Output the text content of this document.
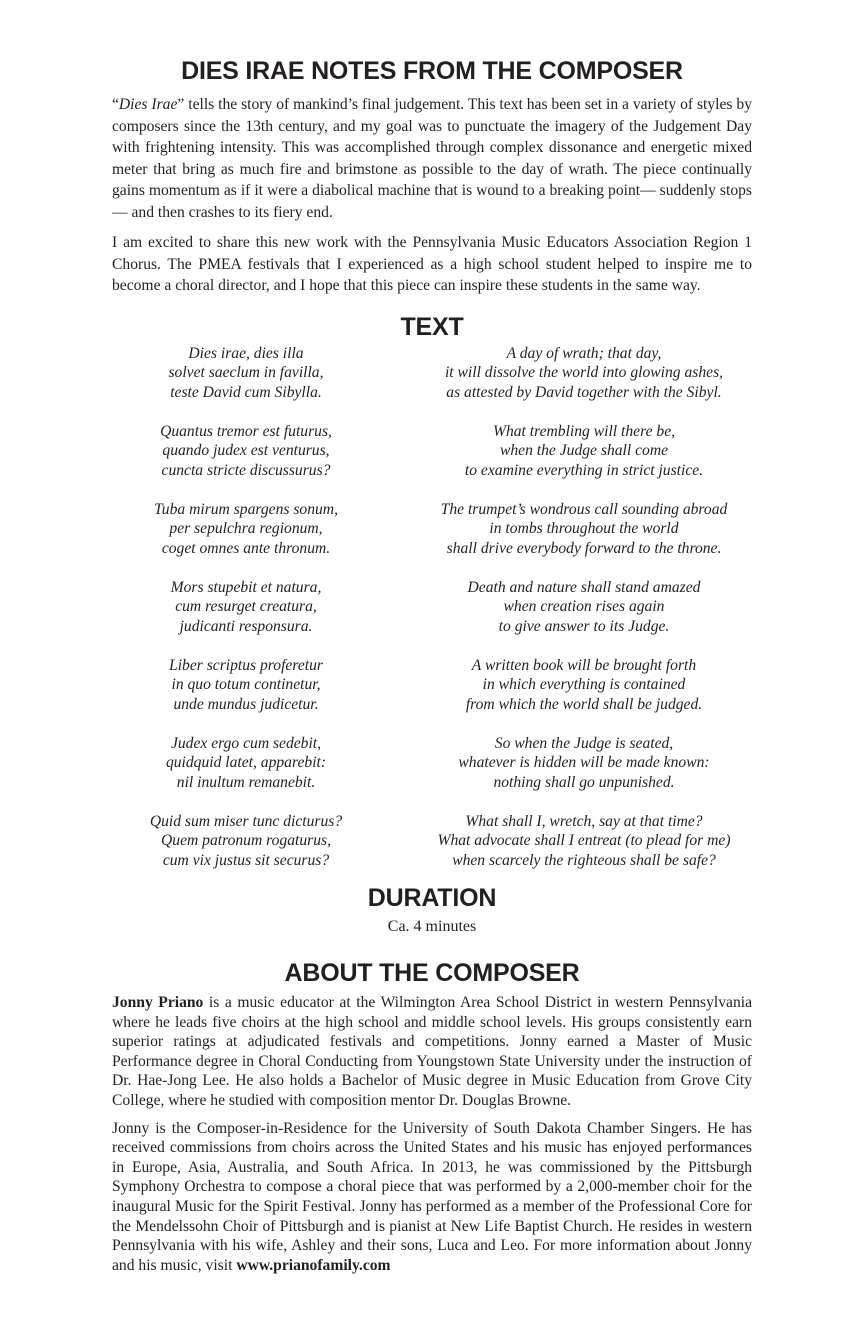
DIES IRAE NOTES FROM THE COMPOSER

“Dies Irae” tells the story of mankind’s final judgement. This text has been set in a variety of styles by composers since the 13th century, and my goal was to punctuate the imagery of the Judgement Day with frightening intensity. This was accomplished through complex dissonance and energetic mixed meter that bring as much fire and brimstone as possible to the day of wrath. The piece continually gains momentum as if it were a diabolical machine that is wound to a breaking point— suddenly stops— and then crashes to its fiery end.

I am excited to share this new work with the Pennsylvania Music Educators Association Region 1 Chorus. The PMEA festivals that I experienced as a high school student helped to inspire me to become a choral director, and I hope that this piece can inspire these students in the same way.

TEXT
Dies irae, dies illa
solvet saeclum in favilla,
teste David cum Sibylla.
A day of wrath; that day,
it will dissolve the world into glowing ashes,
as attested by David together with the Sibyl.
Quantus tremor est futurus,
quando judex est venturus,
cuncta stricte discussurus?
What trembling will there be,
when the Judge shall come
to examine everything in strict justice.
Tuba mirum spargens sonum,
per sepulchra regionum,
coget omnes ante thronum.
The trumpet’s wondrous call sounding abroad
in tombs throughout the world
shall drive everybody forward to the throne.
Mors stupebit et natura,
cum resurget creatura,
judicanti responsura.
Death and nature shall stand amazed
when creation rises again
to give answer to its Judge.
Liber scriptus proferetur
in quo totum continetur,
unde mundus judicetur.
A written book will be brought forth
in which everything is contained
from which the world shall be judged.
Judex ergo cum sedebit,
quidquid latet, apparebit:
nil inultum remanebit.
So when the Judge is seated,
whatever is hidden will be made known:
nothing shall go unpunished.
Quid sum miser tunc dicturus?
Quem patronum rogaturus,
cum vix justus sit securus?
What shall I, wretch, say at that time?
What advocate shall I entreat (to plead for me)
when scarcely the righteous shall be safe?
DURATION
Ca. 4 minutes
ABOUT THE COMPOSER

Jonny Priano is a music educator at the Wilmington Area School District in western Pennsylvania where he leads five choirs at the high school and middle school levels. His groups consistently earn superior ratings at adjudicated festivals and competitions. Jonny earned a Master of Music Performance degree in Choral Conducting from Youngstown State University under the instruction of Dr. Hae-Jong Lee. He also holds a Bachelor of Music degree in Music Education from Grove City College, where he studied with composition mentor Dr. Douglas Browne.

Jonny is the Composer-in-Residence for the University of South Dakota Chamber Singers. He has received commissions from choirs across the United States and his music has enjoyed performances in Europe, Asia, Australia, and South Africa. In 2013, he was commissioned by the Pittsburgh Symphony Orchestra to compose a choral piece that was performed by a 2,000-member choir for the inaugural Music for the Spirit Festival. Jonny has performed as a member of the Professional Core for the Mendelssohn Choir of Pittsburgh and is pianist at New Life Baptist Church. He resides in western Pennsylvania with his wife, Ashley and their sons, Luca and Leo. For more information about Jonny and his music, visit www.prianofamily.com
